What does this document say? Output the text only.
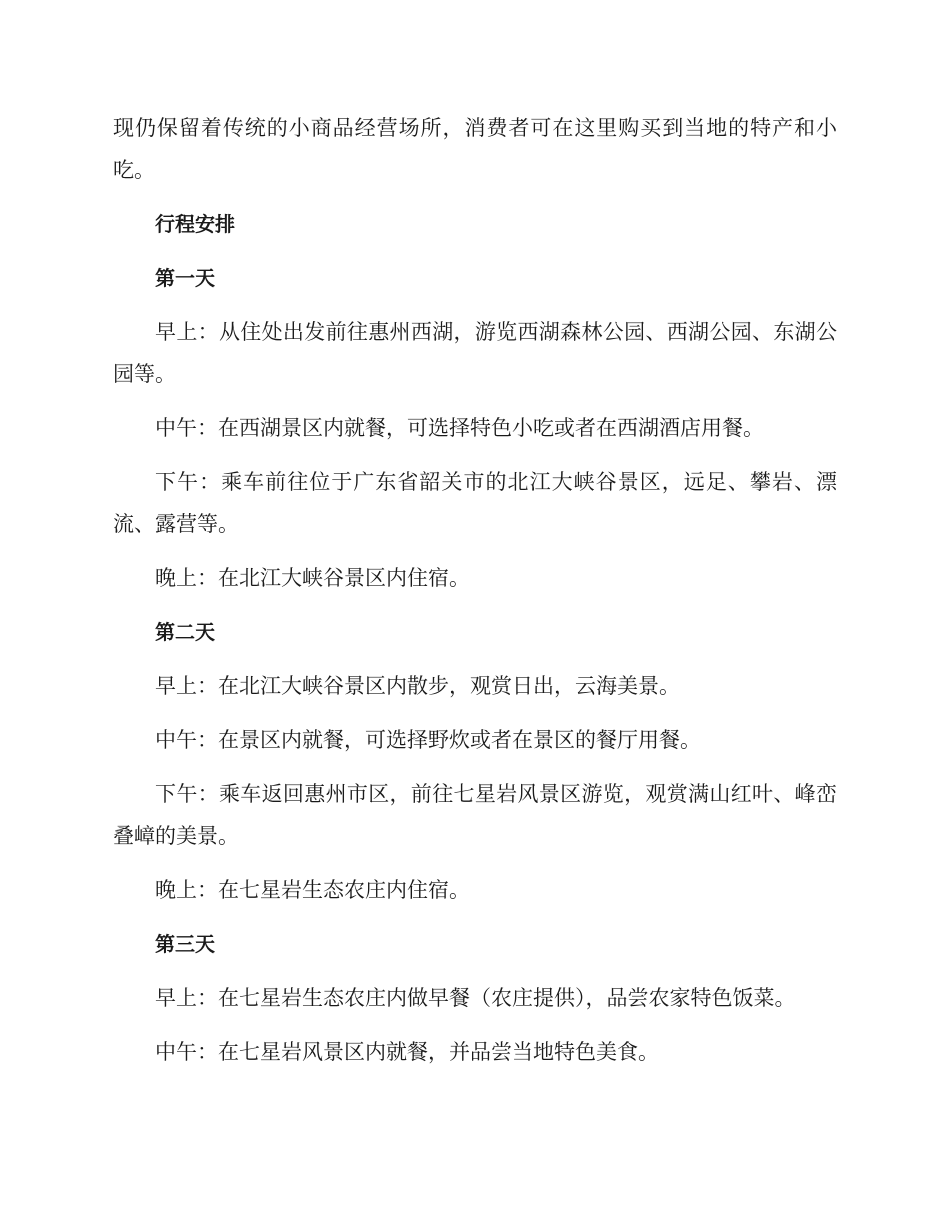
现仍保留着传统的小商品经营场所，消费者可在这里购买到当地的特产和小吃。

行程安排
第一天

早上：从住处出发前往惠州西湖，游览西湖森林公园、西湖公园、东湖公园等。

中午：在西湖景区内就餐，可选择特色小吃或者在西湖酒店用餐。

下午：乘车前往位于广东省韶关市的北江大峡谷景区，远足、攀岩、漂流、露营等。

晚上：在北江大峡谷景区内住宿。

第二天

早上：在北江大峡谷景区内散步，观赏日出，云海美景。

中午：在景区内就餐，可选择野炊或者在景区的餐厅用餐。

下午：乘车返回惠州市区，前往七星岩风景区游览，观赏满山红叶、峰峦叠嶂的美景。

晚上：在七星岩生态农庄内住宿。

第三天

早上：在七星岩生态农庄内做早餐（农庄提供），品尝农家特色饭菜。

中午：在七星岩风景区内就餐，并品尝当地特色美食。
